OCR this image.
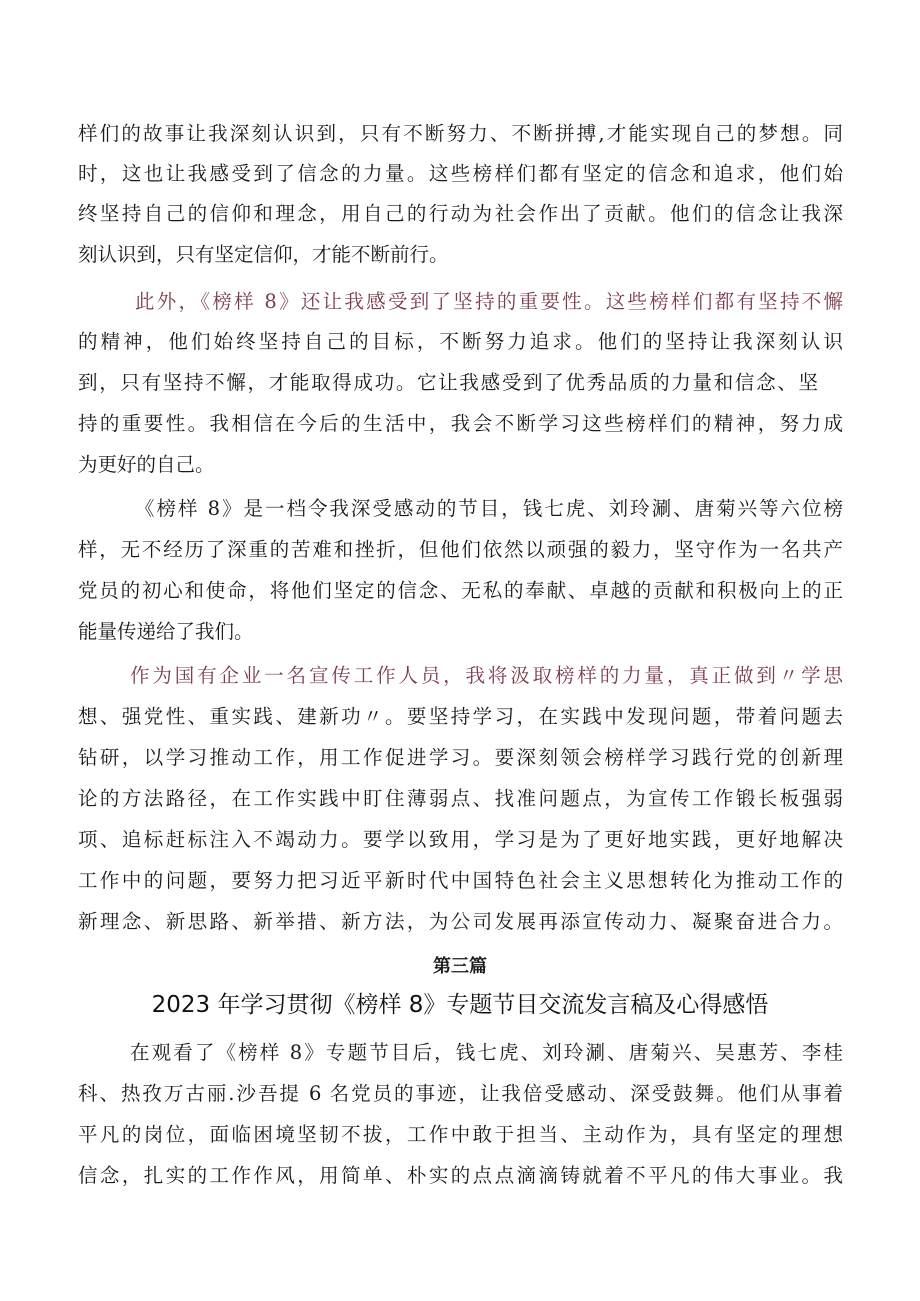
样们的故事让我深刻认识到，只有不断努力、不断拼搏,才能实现自己的梦想。同
时，这也让我感受到了信念的力量。这些榜样们都有坚定的信念和追求，他们始
终坚持自己的信仰和理念，用自己的行动为社会作出了贡献。他们的信念让我深
刻认识到，只有坚定信仰，才能不断前行。
此外，《榜样 8》还让我感受到了坚持的重要性。这些榜样们都有坚持不懈
的精神，他们始终坚持自己的目标，不断努力追求。他们的坚持让我深刻认识
到，只有坚持不懈，才能取得成功。它让我感受到了优秀品质的力量和信念、坚
持的重要性。我相信在今后的生活中，我会不断学习这些榜样们的精神，努力成
为更好的自己。
《榜样 8》是一档令我深受感动的节目，钱七虎、刘玲涮、唐菊兴等六位榜
样，无不经历了深重的苦难和挫折，但他们依然以顽强的毅力，坚守作为一名共产
党员的初心和使命，将他们坚定的信念、无私的奉献、卓越的贡献和积极向上的正
能量传递给了我们。
作为国有企业一名宣传工作人员，我将汲取榜样的力量，真正做到〃学思
想、强党性、重实践、建新功〃。要坚持学习，在实践中发现问题，带着问题去
钻研，以学习推动工作，用工作促进学习。要深刻领会榜样学习践行党的创新理
论的方法路径，在工作实践中盯住薄弱点、找准问题点，为宣传工作锻长板强弱
项、追标赶标注入不竭动力。要学以致用，学习是为了更好地实践，更好地解决
工作中的问题，要努力把习近平新时代中国特色社会主义思想转化为推动工作的
新理念、新思路、新举措、新方法，为公司发展再添宣传动力、凝聚奋进合力。
第三篇
2023 年学习贯彻《榜样 8》专题节目交流发言稿及心得感悟
在观看了《榜样 8》专题节目后，钱七虎、刘玲涮、唐菊兴、吴惠芳、李桂
科、热孜万古丽.沙吾提 6 名党员的事迹，让我倍受感动、深受鼓舞。他们从事着
平凡的岗位，面临困境坚韧不拔，工作中敢于担当、主动作为，具有坚定的理想
信念，扎实的工作作风，用简单、朴实的点点滴滴铸就着不平凡的伟大事业。我
